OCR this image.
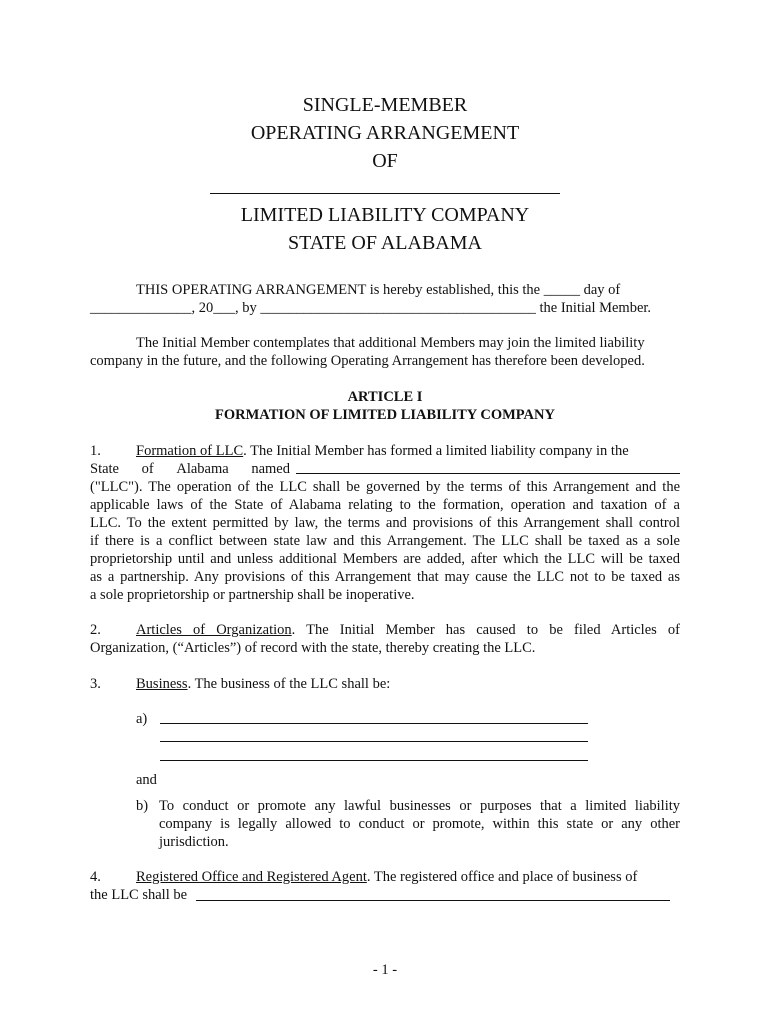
SINGLE-MEMBER
OPERATING ARRANGEMENT
OF
LIMITED LIABILITY COMPANY
STATE OF ALABAMA
THIS OPERATING ARRANGEMENT is hereby established, this the _____ day of
______________, 20___, by ______________________________________ the Initial Member.
The Initial Member contemplates that additional Members may join the limited liability
company in the future, and the following Operating Arrangement has therefore been developed.
ARTICLE I
FORMATION OF LIMITED LIABILITY COMPANY
1. Formation of LLC. The Initial Member has formed a limited liability company in the
State of Alabama named
("LLC"). The operation of the LLC shall be governed by the terms of this Arrangement and the
applicable laws of the State of Alabama relating to the formation, operation and taxation of a
LLC. To the extent permitted by law, the terms and provisions of this Arrangement shall control
if there is a conflict between state law and this Arrangement. The LLC shall be taxed as a sole
proprietorship until and unless additional Members are added, after which the LLC will be taxed
as a partnership. Any provisions of this Arrangement that may cause the LLC not to be taxed as
a sole proprietorship or partnership shall be inoperative.
2. Articles of Organization. The Initial Member has caused to be filed Articles of
Organization, (“Articles”) of record with the state, thereby creating the LLC.
3. Business. The business of the LLC shall be:
a)
and
b) To conduct or promote any lawful businesses or purposes that a limited liability
company is legally allowed to conduct or promote, within this state or any other
jurisdiction.
4. Registered Office and Registered Agent. The registered office and place of business of
the LLC shall be
- 1 -
